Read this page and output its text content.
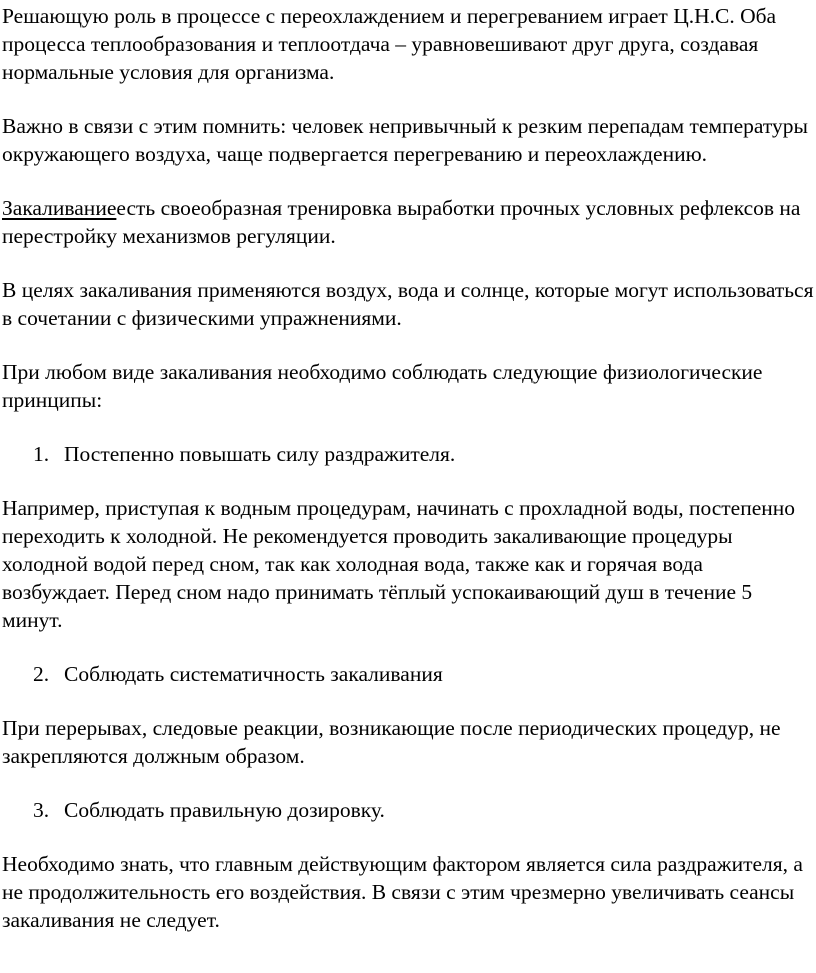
Решающую роль в процессе с переохлаждением и перегреванием играет Ц.Н.С. Оба процесса теплообразования и теплоотдача – уравновешивают друг друга, создавая нормальные условия для организма.

Важно в связи с этим помнить: человек непривычный к резким перепадам температуры окружающего воздуха, чаще подвергается перегреванию и переохлаждению.

Закаливаниеесть своеобразная тренировка выработки прочных условных рефлексов на перестройку механизмов регуляции.

В целях закаливания применяются воздух, вода и солнце, которые могут использоваться в сочетании с физическими упражнениями.

При любом виде закаливания необходимо соблюдать следующие физиологические принципы:

1. Постепенно повышать силу раздражителя.

Например, приступая к водным процедурам, начинать с прохладной воды, постепенно переходить к холодной. Не рекомендуется проводить закаливающие процедуры холодной водой перед сном, так как холодная вода, также как и горячая вода возбуждает. Перед сном надо принимать тёплый успокаивающий душ в течение 5 минут.

2. Соблюдать систематичность закаливания

При перерывах, следовые реакции, возникающие после периодических процедур, не закрепляются должным образом.

3. Соблюдать правильную дозировку.

Необходимо знать, что главным действующим фактором является сила раздражителя, а не продолжительность его воздействия. В связи с этим чрезмерно увеличивать сеансы закаливания не следует.
